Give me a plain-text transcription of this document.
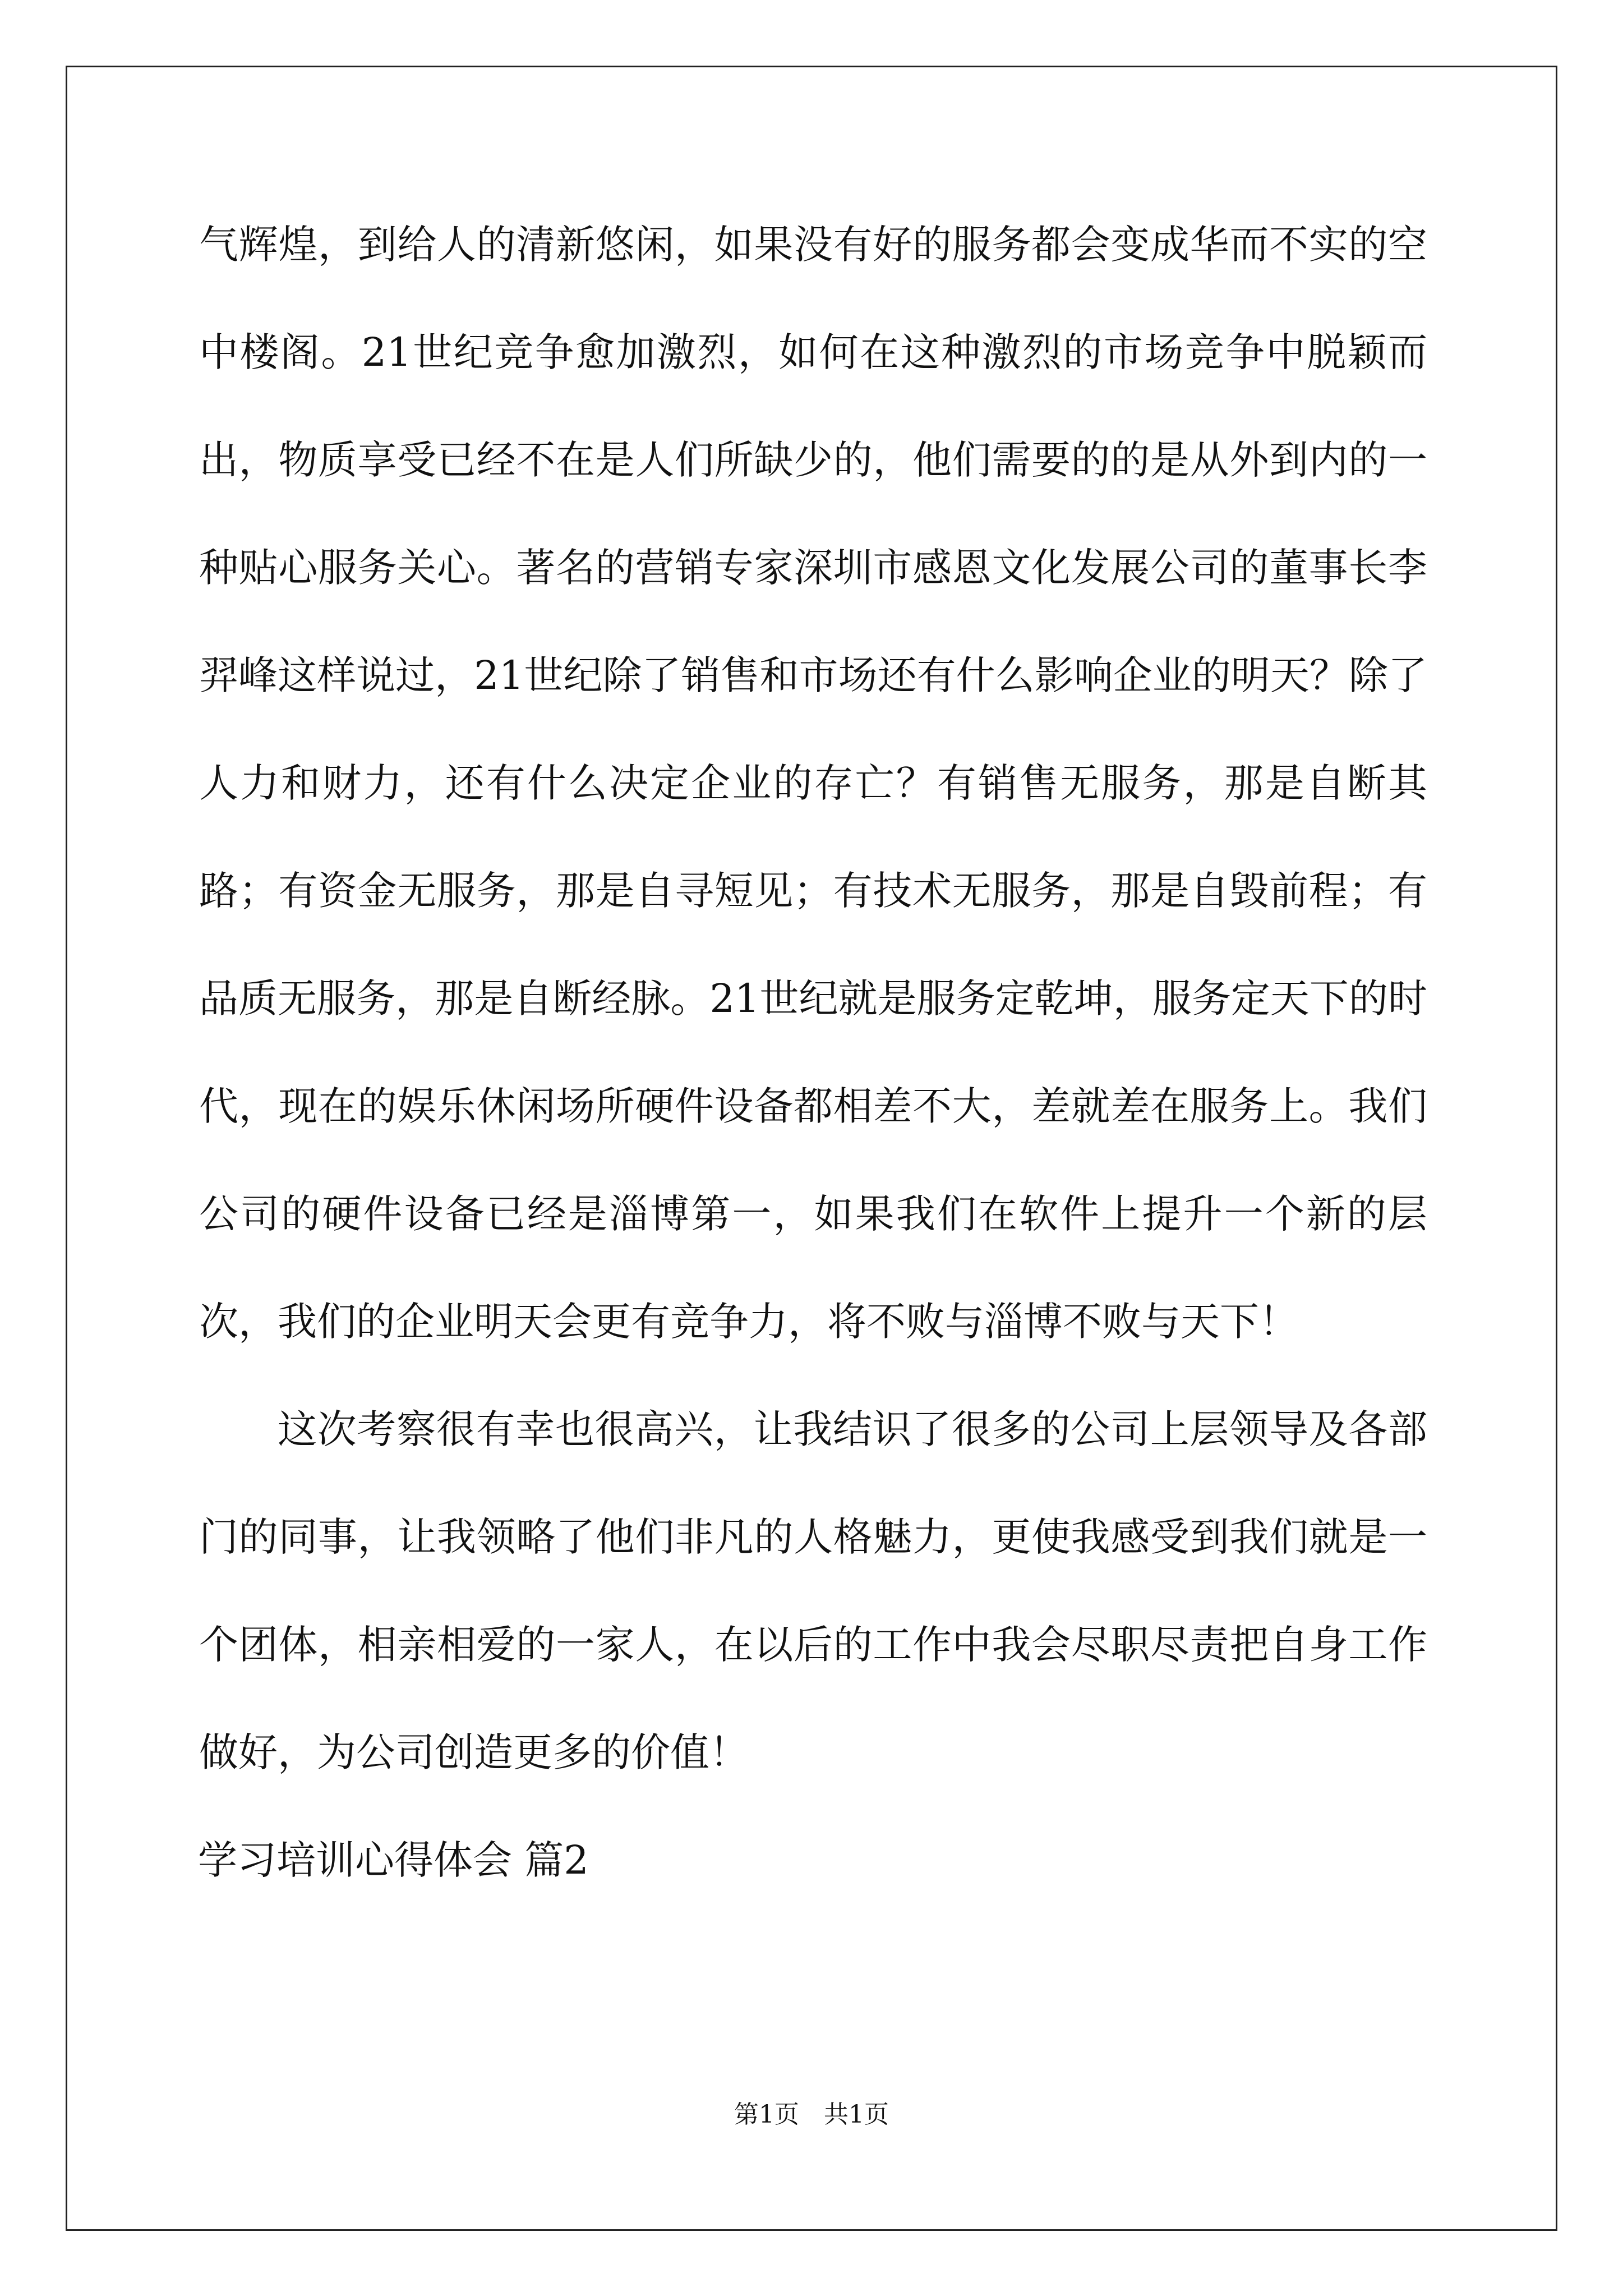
气辉煌，到给人的清新悠闲，如果没有好的服务都会变成华而不实的空中楼阁。21世纪竞争愈加激烈，如何在这种激烈的市场竞争中脱颖而出，物质享受已经不在是人们所缺少的，他们需要的的是从外到内的一种贴心服务关心。著名的营销专家深圳市感恩文化发展公司的董事长李羿峰这样说过，21世纪除了销售和市场还有什么影响企业的明天？除了人力和财力，还有什么决定企业的存亡？有销售无服务，那是自断其路；有资金无服务，那是自寻短见；有技术无服务，那是自毁前程；有品质无服务，那是自断经脉。21世纪就是服务定乾坤，服务定天下的时代，现在的娱乐休闲场所硬件设备都相差不大，差就差在服务上。我们公司的硬件设备已经是淄博第一，如果我们在软件上提升一个新的层次，我们的企业明天会更有竞争力，将不败与淄博不败与天下！

这次考察很有幸也很高兴，让我结识了很多的公司上层领导及各部门的同事，让我领略了他们非凡的人格魅力，更使我感受到我们就是一个团体，相亲相爱的一家人，在以后的工作中我会尽职尽责把自身工作做好，为公司创造更多的价值！

学习培训心得体会 篇2

第1页　共1页
